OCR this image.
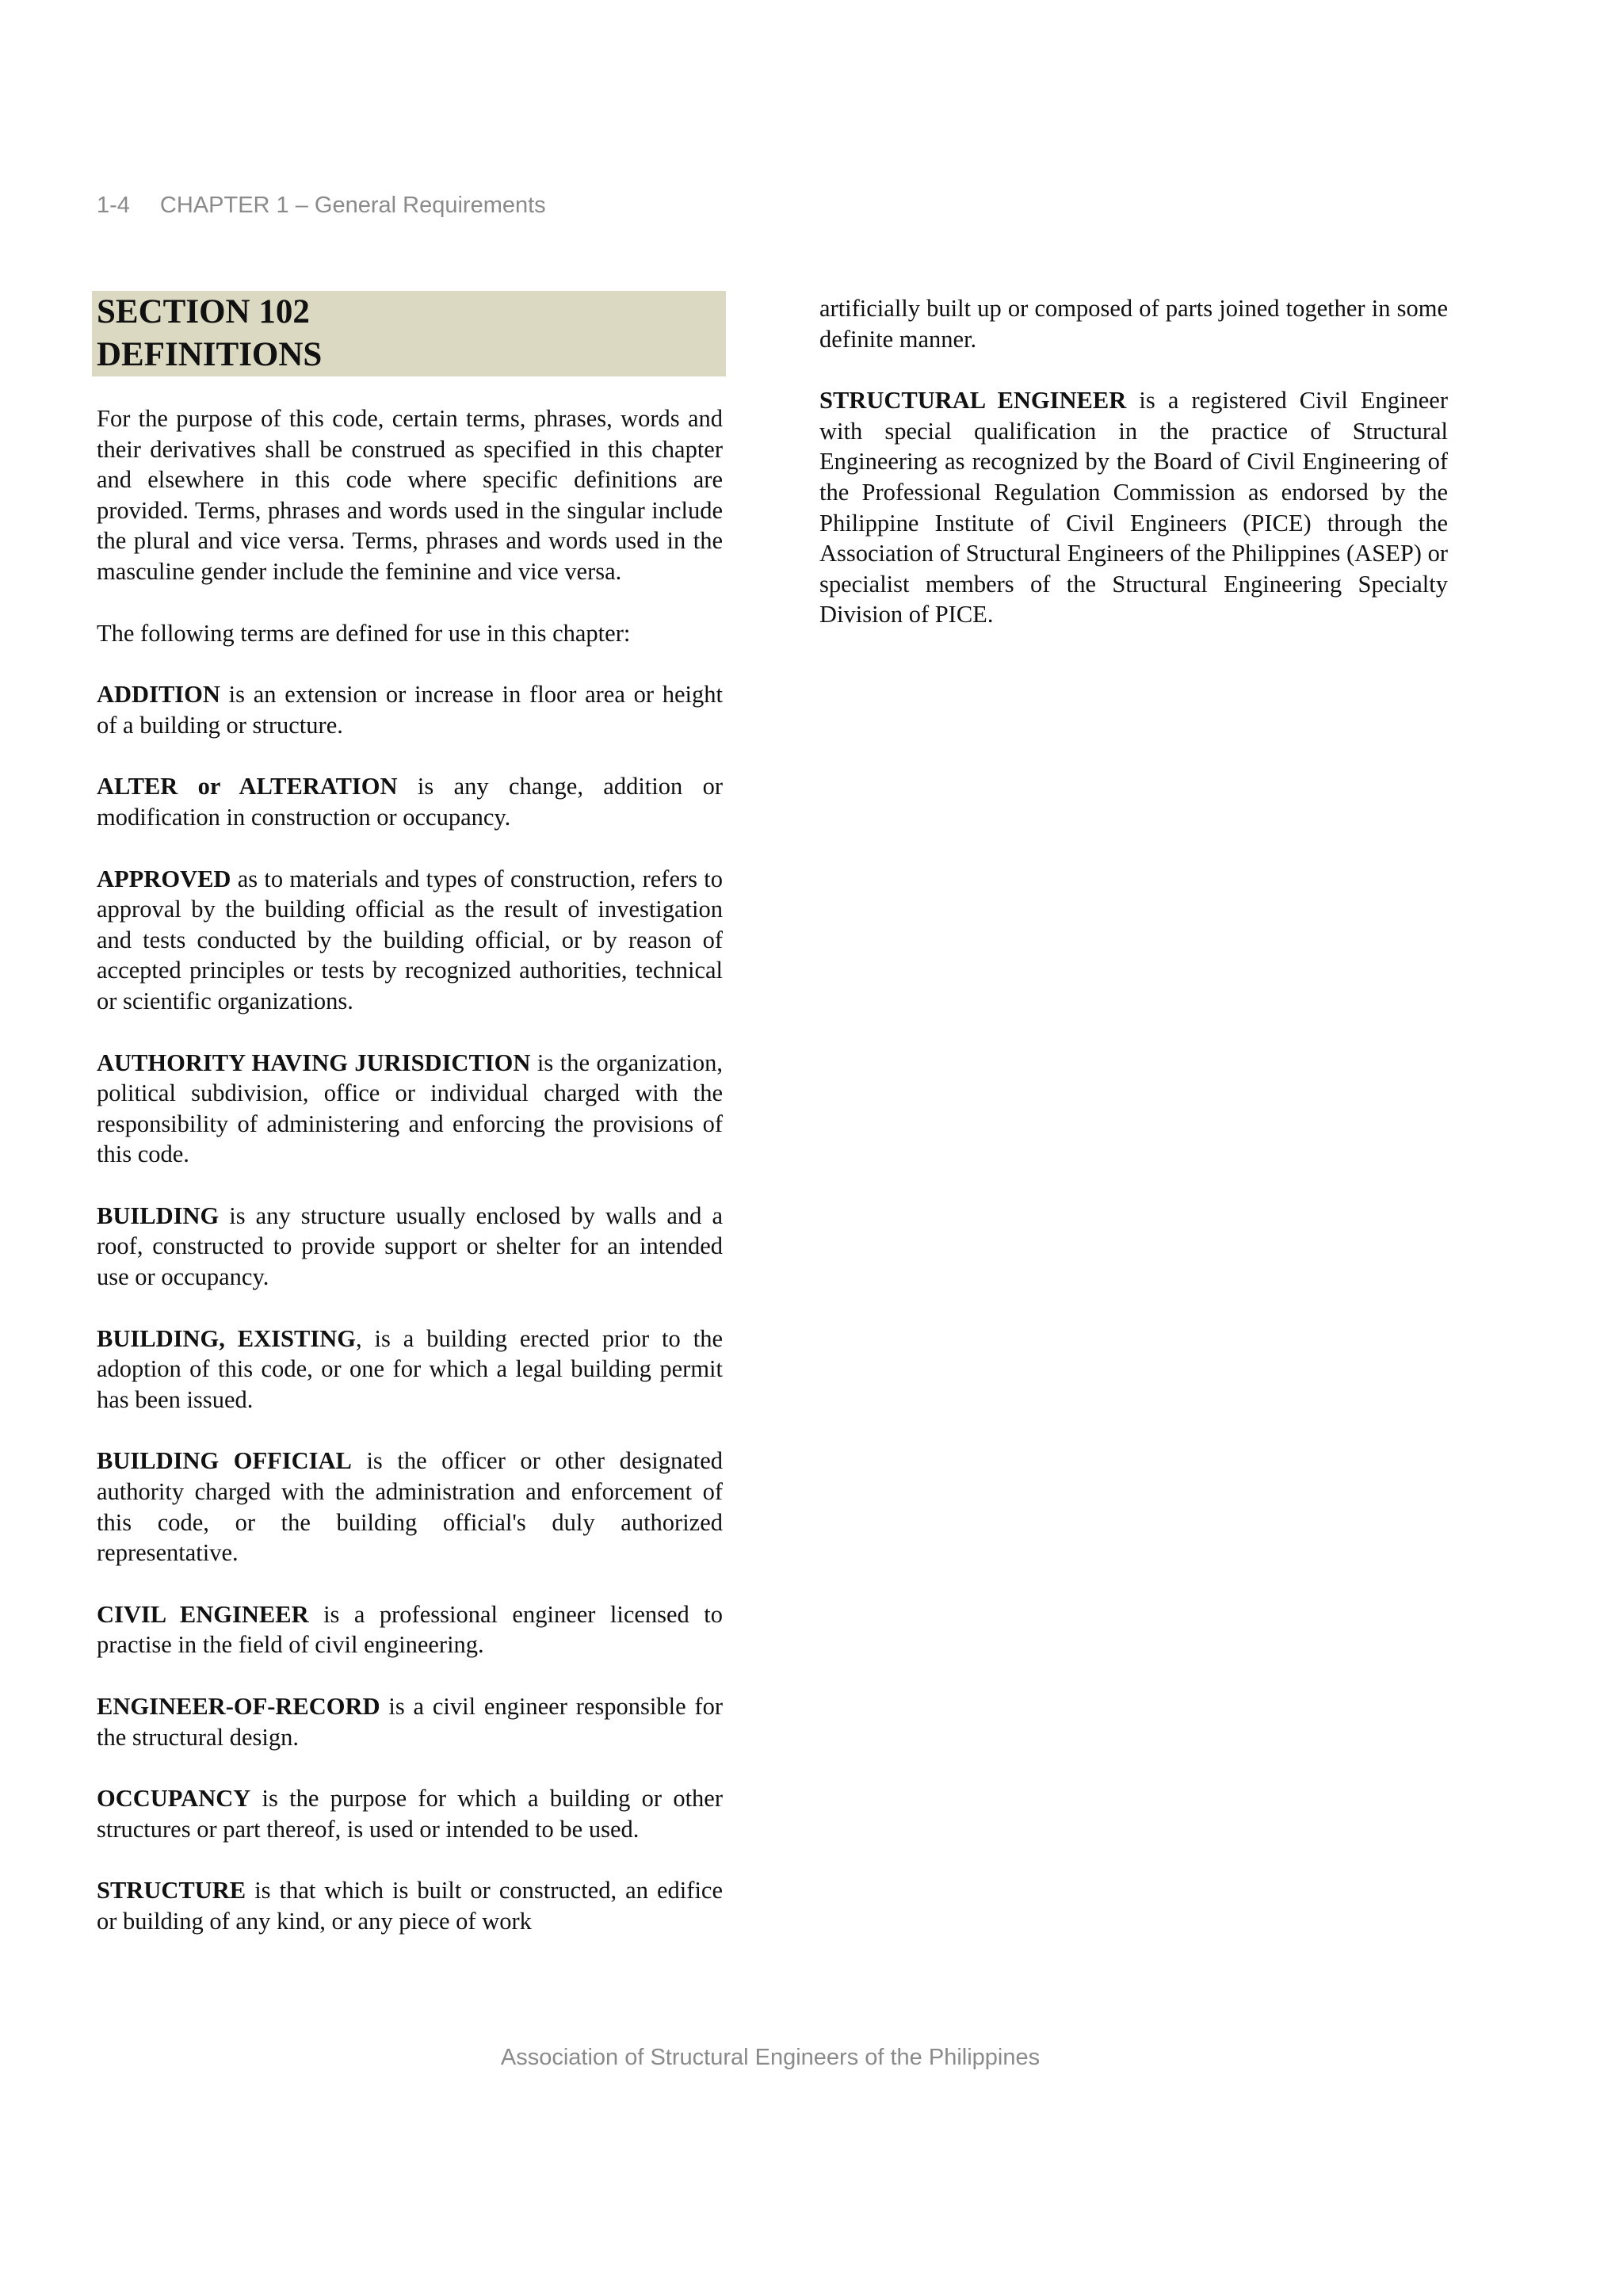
1-4 CHAPTER 1 – General Requirements
SECTION 102
DEFINITIONS

For the purpose of this code, certain terms, phrases, words and their derivatives shall be construed as specified in this chapter and elsewhere in this code where specific definitions are provided. Terms, phrases and words used in the singular include the plural and vice versa. Terms, phrases and words used in the masculine gender include the feminine and vice versa.

The following terms are defined for use in this chapter:

ADDITION is an extension or increase in floor area or height of a building or structure.

ALTER or ALTERATION is any change, addition or modification in construction or occupancy.

APPROVED as to materials and types of construction, refers to approval by the building official as the result of investigation and tests conducted by the building official, or by reason of accepted principles or tests by recognized authorities, technical or scientific organizations.

AUTHORITY HAVING JURISDICTION is the organization, political subdivision, office or individual charged with the responsibility of administering and enforcing the provisions of this code.

BUILDING is any structure usually enclosed by walls and a roof, constructed to provide support or shelter for an intended use or occupancy.

BUILDING, EXISTING, is a building erected prior to the adoption of this code, or one for which a legal building permit has been issued.

BUILDING OFFICIAL is the officer or other designated authority charged with the administration and enforcement of this code, or the building official's duly authorized representative.

CIVIL ENGINEER is a professional engineer licensed to practise in the field of civil engineering.

ENGINEER-OF-RECORD is a civil engineer responsible for the structural design.

OCCUPANCY is the purpose for which a building or other structures or part thereof, is used or intended to be used.

STRUCTURE is that which is built or constructed, an edifice or building of any kind, or any piece of work

artificially built up or composed of parts joined together in some definite manner.

STRUCTURAL ENGINEER is a registered Civil Engineer with special qualification in the practice of Structural Engineering as recognized by the Board of Civil Engineering of the Professional Regulation Commission as endorsed by the Philippine Institute of Civil Engineers (PICE) through the Association of Structural Engineers of the Philippines (ASEP) or specialist members of the Structural Engineering Specialty Division of PICE.

Association of Structural Engineers of the Philippines
